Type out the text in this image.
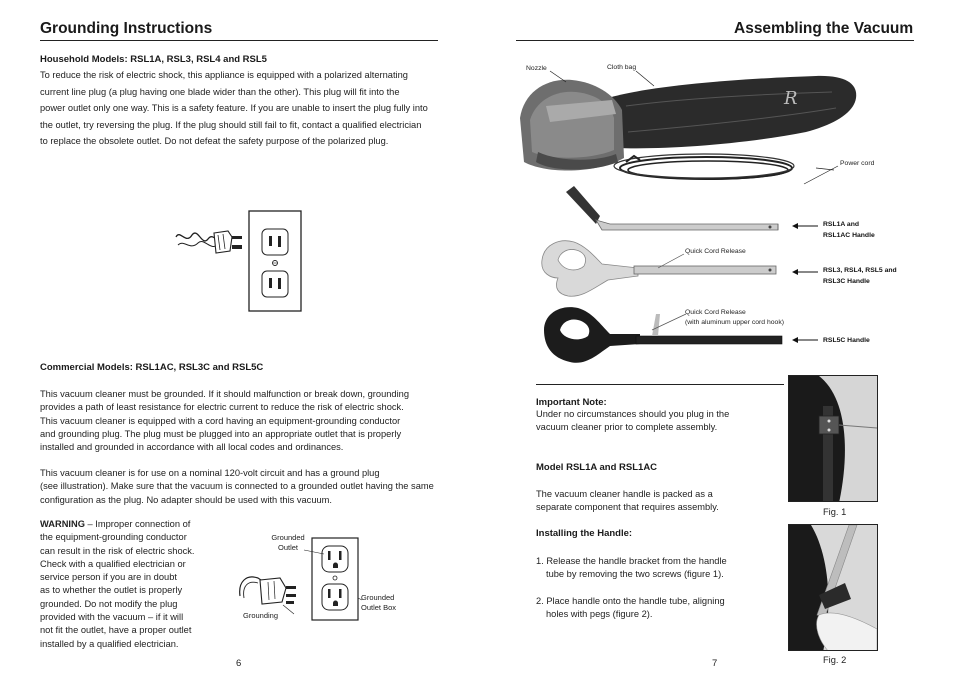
Grounding Instructions
Household Models: RSL1A, RSL3, RSL4 and RSL5
To reduce the risk of electric shock, this appliance is equipped with a polarized alternating
current line plug (a plug having one blade wider than the other). This plug will fit into the
power outlet only one way. This is a safety feature. If you are unable to insert the plug fully into
the outlet, try reversing the plug. If the plug should still fail to fit, contact a qualified electrician
to replace the obsolete outlet. Do not defeat the safety purpose of the polarized plug.
Commercial Models: RSL1AC, RSL3C and RSL5C
This vacuum cleaner must be grounded. If it should malfunction or break down, grounding
provides a path of least resistance for electric current to reduce the risk of electric shock.
This vacuum cleaner is equipped with a cord having an equipment-grounding conductor
and grounding plug. The plug must be plugged into an appropriate outlet that is properly
installed and grounded in accordance with all local codes and ordinances.
This vacuum cleaner is for use on a nominal 120-volt circuit and has a ground plug
(see illustration). Make sure that the vacuum is connected to a grounded outlet having the same
configuration as the plug. No adapter should be used with this vacuum.
WARNING – Improper connection of
the equipment-grounding conductor
can result in the risk of electric shock.
Check with a qualified electrician or
service person if you are in doubt
as to whether the outlet is properly
grounded. Do not modify the plug
provided with the vacuum – if it will
not fit the outlet, have a proper outlet
installed by a qualified electrician.
Grounded
Outlet
Grounded
Outlet Box
Grounding
6
Assembling the Vacuum
R
Nozzle	Cloth bag
Power cord
Quick Cord Release
Quick Cord Release
(with aluminum upper cord hook)
RSL1A and
RSL1AC Handle
RSL3, RSL4, RSL5 and
RSL3C Handle
RSL5C Handle
Important Note:
Under no circumstances should you plug in the
vacuum cleaner prior to complete assembly.
Model RSL1A and RSL1AC
The vacuum cleaner handle is packed as a
separate component that requires assembly.
Installing the Handle:
1. Release the handle bracket from the handle
tube by removing the two screws (figure 1).
2. Place handle onto the handle tube, aligning
holes with pegs (figure 2).
Fig. 1
Fig. 2
7
